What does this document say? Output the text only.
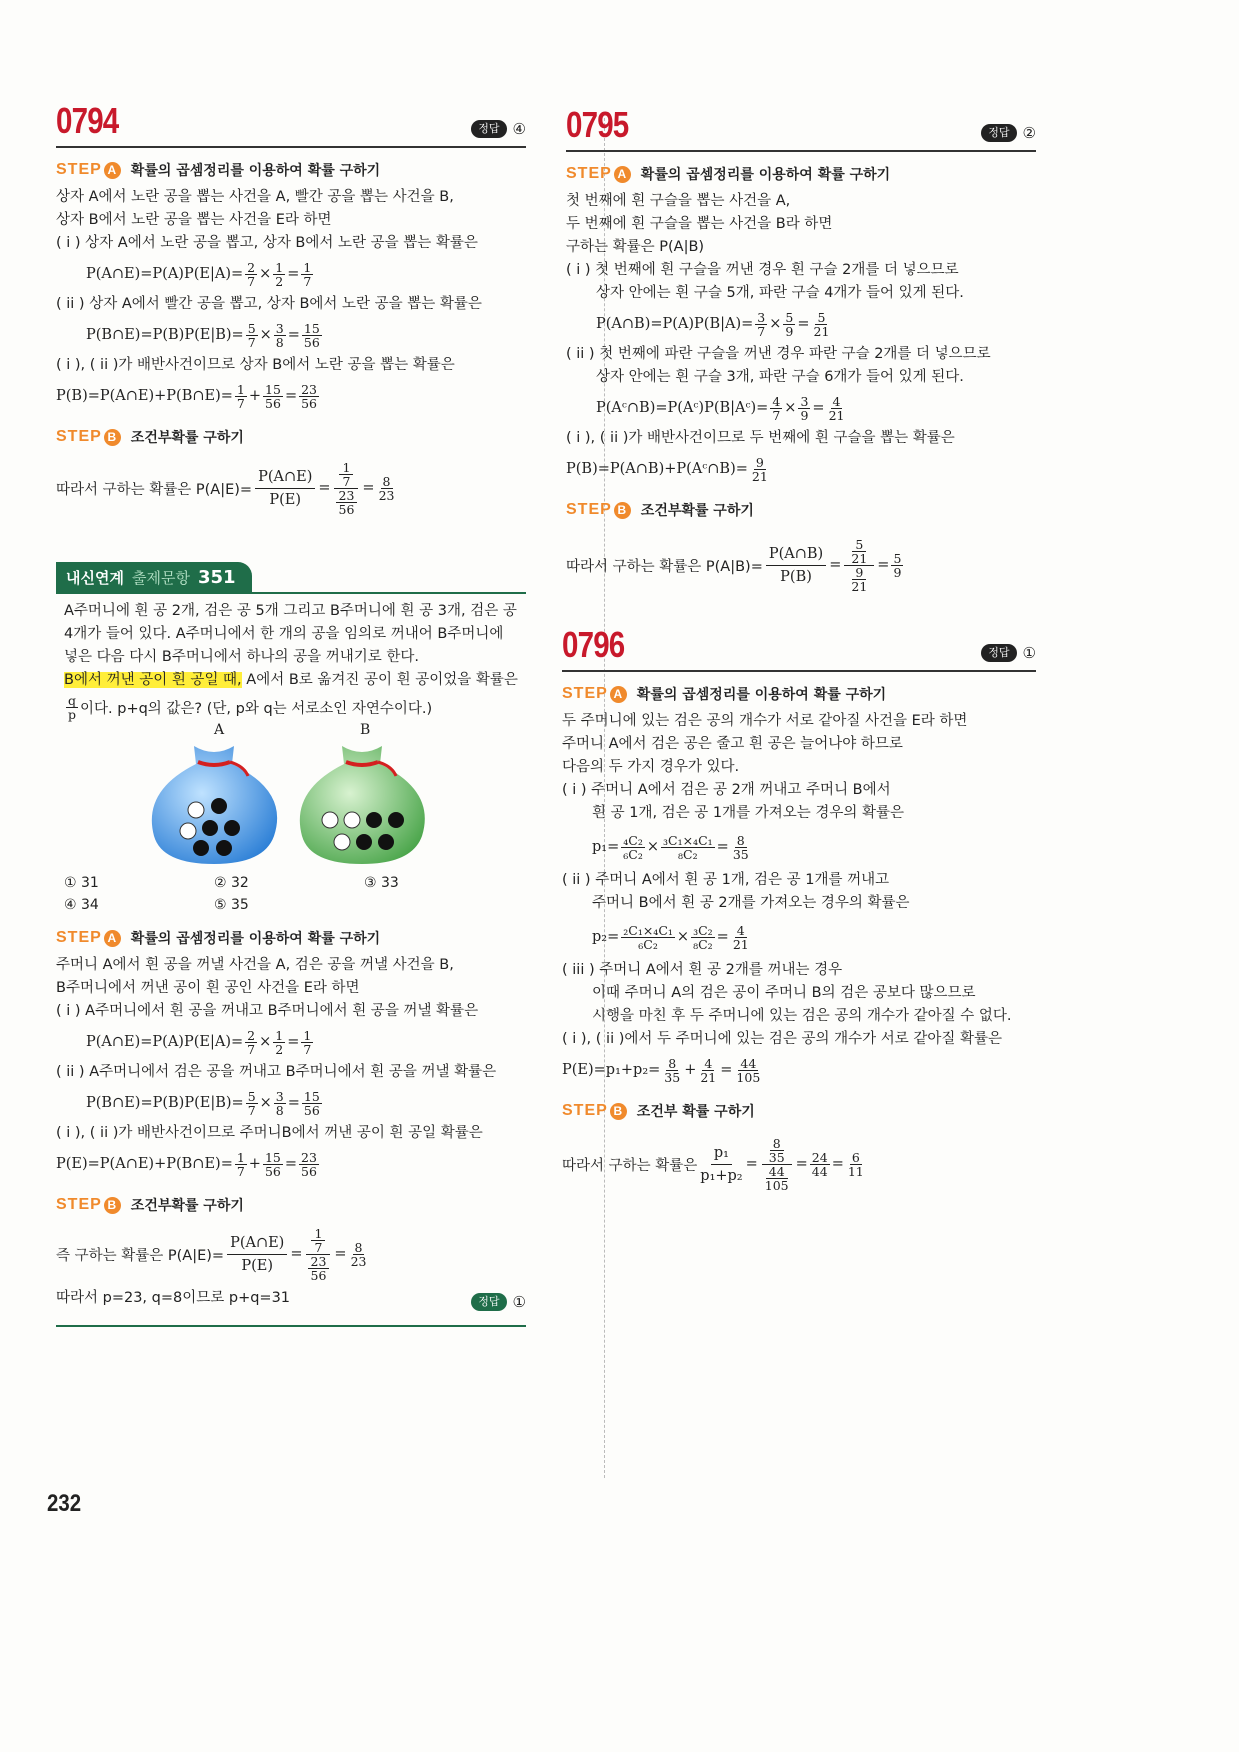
0794	정답 ④
STEP A 확률의 곱셈정리를 이용하여 확률 구하기
상자 A에서 노란 공을 뽑는 사건을 A, 빨간 공을 뽑는 사건을 B,
상자 B에서 노란 공을 뽑는 사건을 E라 하면
( i ) 상자 A에서 노란 공을 뽑고, 상자 B에서 노란 공을 뽑는 확률은
P(A∩E)=P(A)P(E|A)= $\frac{2}{7} \times \frac{1}{2} = \frac{1}{7}$
( ii ) 상자 A에서 빨간 공을 뽑고, 상자 B에서 노란 공을 뽑는 확률은
P(B∩E)=P(B)P(E|B)= $\frac{5}{7} \times \frac{3}{8} = \frac{15}{56}$
( i ), ( ii )가 배반사건이므로 상자 B에서 노란 공을 뽑는 확률은
P(B)=P(A∩E)+P(B∩E)= $\frac{1}{7} + \frac{15}{56} = \frac{23}{56}$
STEP B 조건부확률 구하기
따라서 구하는 확률은 $P(A|E)= \frac{P(A\cap E)}{P(E)}$ =
$\frac{1}{7}$
$\frac{23}{56}$
= $\frac{8}{23}$
내신연계 출제문항 351
A주머니에 흰 공 2개, 검은 공 5개 그리고 B주머니에 흰 공 3개, 검은 공
4개가 들어 있다. A주머니에서 한 개의 공을 임의로 꺼내어 B주머니에
넣은 다음 다시 B주머니에서 하나의 공을 꺼내기로 한다.
B에서 꺼낸 공이 흰 공일 때, A에서 B로 옮겨진 공이 흰 공이었을 확률은
$\frac{q}{p}$ 이다. p+q의 값은? (단, p와 q는 서로소인 자연수이다.)
A	B
① 31	② 32	③ 33
④ 34	⑤ 35
STEP A 확률의 곱셈정리를 이용하여 확률 구하기
주머니 A에서 흰 공을 꺼낼 사건을 A, 검은 공을 꺼낼 사건을 B,
B주머니에서 꺼낸 공이 흰 공인 사건을 E라 하면
( i ) A주머니에서 흰 공을 꺼내고 B주머니에서 흰 공을 꺼낼 확률은
P(A∩E)=P(A)P(E|A)= $\frac{2}{7} \times \frac{1}{2} = \frac{1}{7}$
( ii ) A주머니에서 검은 공을 꺼내고 B주머니에서 흰 공을 꺼낼 확률은
P(B∩E)=P(B)P(E|B)= $\frac{5}{7} \times \frac{3}{8} = \frac{15}{56}$
( i ), ( ii )가 배반사건이므로 주머니B에서 꺼낸 공이 흰 공일 확률은
P(E)=P(A∩E)+P(B∩E)= $\frac{1}{7} + \frac{15}{56} = \frac{23}{56}$
STEP B 조건부확률 구하기
즉 구하는 확률은 $P(A|E)= \frac{P(A\cap E)}{P(E)}$ =
$\frac{1}{7}$
$\frac{23}{56}$
= $\frac{8}{23}$
따라서 p=23, q=8이므로 p+q=31	정답 ①
0795	정답 ②
STEP A 확률의 곱셈정리를 이용하여 확률 구하기
첫 번째에 흰 구슬을 뽑는 사건을 A,
두 번째에 흰 구슬을 뽑는 사건을 B라 하면
구하는 확률은 P(A|B)
( i ) 첫 번째에 흰 구슬을 꺼낸 경우 흰 구슬 2개를 더 넣으므로
상자 안에는 흰 구슬 5개, 파란 구슬 4개가 들어 있게 된다.
P(A∩B)=P(A)P(B|A)= $\frac{3}{7} \times \frac{5}{9} = \frac{5}{21}$
( ii ) 첫 번째에 파란 구슬을 꺼낸 경우 파란 구슬 2개를 더 넣으므로
상자 안에는 흰 구슬 3개, 파란 구슬 6개가 들어 있게 된다.
P(Aᶜ∩B)=P(Aᶜ)P(B|Aᶜ)= $\frac{4}{7} \times \frac{3}{9} = \frac{4}{21}$
( i ), ( ii )가 배반사건이므로 두 번째에 흰 구슬을 뽑는 확률은
P(B)=P(A∩B)+P(Aᶜ∩B)= $\frac{9}{21}$
STEP B 조건부확률 구하기
따라서 구하는 확률은 $P(A|B)= \frac{P(A\cap B)}{P(B)}$ =
$\frac{5}{21}$
$\frac{9}{21}$
= $\frac{5}{9}$
0796	정답 ①
STEP A 확률의 곱셈정리를 이용하여 확률 구하기
두 주머니에 있는 검은 공의 개수가 서로 같아질 사건을 E라 하면
주머니 A에서 검은 공은 줄고 흰 공은 늘어나야 하므로
다음의 두 가지 경우가 있다.
( i ) 주머니 A에서 검은 공 2개 꺼내고 주머니 B에서
흰 공 1개, 검은 공 1개를 가져오는 경우의 확률은
$p_1= \frac{\text{₄C₂}}{\text{₆C₂}} \times \frac{\text{₃C₁×₄C₁}}{\text{₈C₂}} = \frac{8}{35}$
( ii ) 주머니 A에서 흰 공 1개, 검은 공 1개를 꺼내고
주머니 B에서 흰 공 2개를 가져오는 경우의 확률은
$p_2= \frac{\text{₂C₁×₄C₁}}{\text{₆C₂}} \times \frac{\text{₃C₂}}{\text{₈C₂}} = \frac{4}{21}$
( iii ) 주머니 A에서 흰 공 2개를 꺼내는 경우
이때 주머니 A의 검은 공이 주머니 B의 검은 공보다 많으므로
시행을 마친 후 두 주머니에 있는 검은 공의 개수가 같아질 수 없다.
( i ), ( ii )에서 두 주머니에 있는 검은 공의 개수가 서로 같아질 확률은
$P(E)=p_1+p_2= \frac{8}{35} + \frac{4}{21} = \frac{44}{105}$
STEP B 조건부 확률 구하기
따라서 구하는 확률은
p₁
p₁+p₂
=
$\frac{8}{35}$
$\frac{44}{105}$
= $\frac{24}{44} = \frac{6}{11}$
232
